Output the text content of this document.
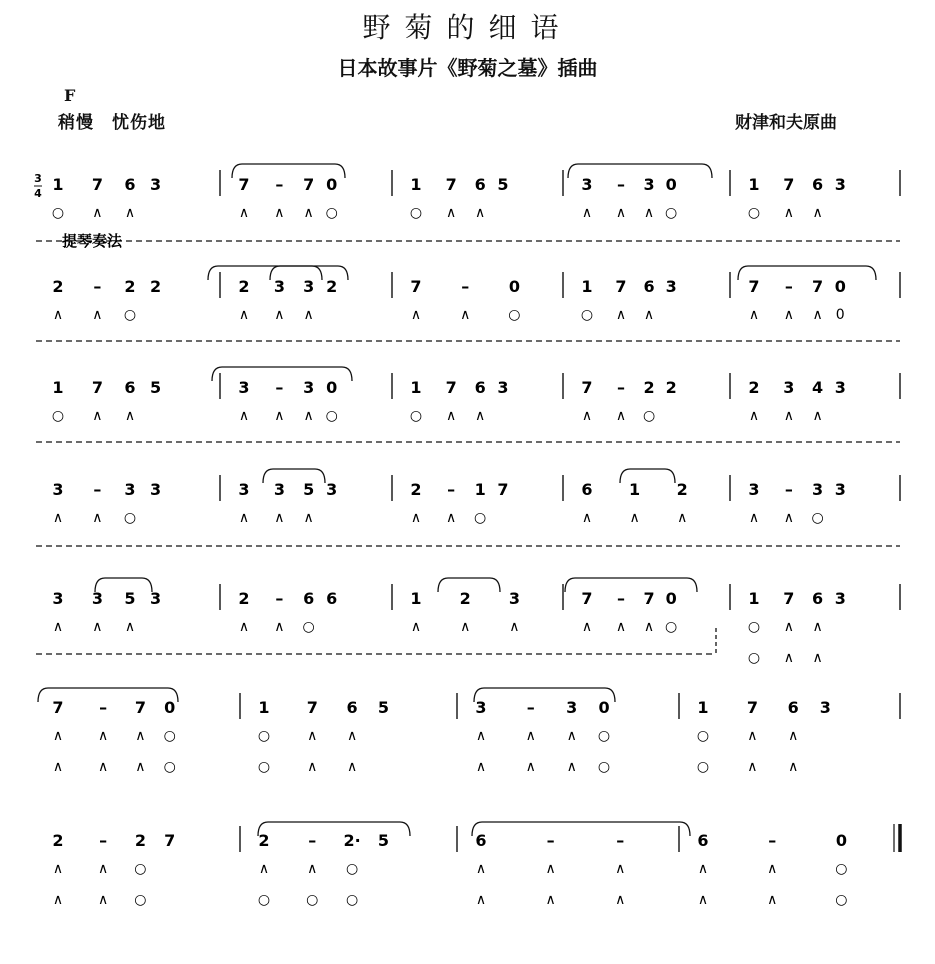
野菊的细语
日本故事片《野菊之墓》插曲
F
稍慢　忧伤地	财津和夫原曲
1 7 6 3
○ ∧ ∧
7 – 7 0
∧ ∧ ∧ ○
1 7 6 5
○ ∧ ∧
3 – 3 0
∧ ∧ ∧ ○
1 7 6 3
○ ∧ ∧
2 – 2 2
∧ ∧ ○
2 3 3 2
∧ ∧ ∧
7 – 0
∧	∧	○
1 7 6 3
○ ∧ ∧
7 – 7 0
∧ ∧ ∧ 0
1 7 6 5
○ ∧ ∧
3 – 3 0
∧ ∧ ∧ ○
1 7 6 3
○ ∧ ∧
7 – 2 2
∧ ∧ ○
2 3 4 3
∧ ∧ ∧
3 – 3 3
∧ ∧ ○
3 3 5 3
∧ ∧ ∧
2 – 1 7
∧ ∧ ○
6 1 2
∧	∧	∧
3 – 3 3
∧ ∧ ○
3 3 5 3
∧ ∧ ∧
2 – 6 6
∧ ∧ ○
1 2 3
∧	∧	∧
7 – 7 0
∧ ∧ ∧ ○
1 7 6 3
○ ∧ ∧
○ ∧ ∧
7 – 7 0
∧ ∧ ∧ ○
∧ ∧ ∧ ○
1 7 6 5
○	∧ ∧
○	∧ ∧
3	– 3 0
∧	∧ ∧ ○
∧	∧ ∧ ○
1 7 6 3
○	∧ ∧
○	∧ ∧
2 – 2 7
∧ ∧ ○
∧ ∧ ○
2 – 2· 5
∧	∧ ○
○	○ ○
6	–	–
∧	∧	∧
∧	∧	∧
6	–	0
∧	∧	○
∧	∧	○
3
4
提琴奏法
